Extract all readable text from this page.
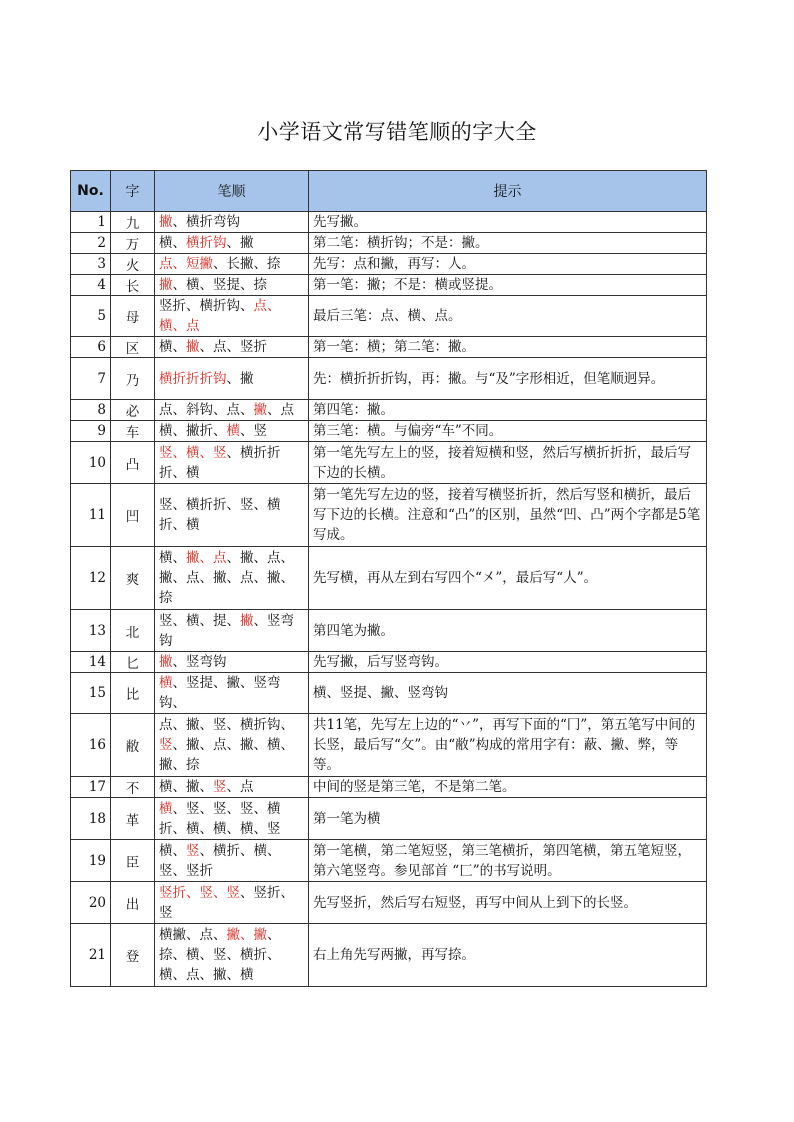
小学语文常写错笔顺的字大全
No.	字	笔顺	提示
1	九	撇、横折弯钩	先写撇。
2	万	横、横折钩、撇	第二笔：横折钩；不是：撇。
3	火	点、短撇、长撇、捺	先写：点和撇，再写：人。
4	长	撇、横、竖提、捺	第一笔：撇；不是：横或竖提。
5	母	竖折、横折钩、点、横、点	最后三笔：点、横、点。
6	区	横、撇、点、竖折	第一笔：横；第二笔：撇。
7	乃	横折折折钩、撇	先：横折折折钩，再：撇。与“及”字形相近，但笔顺迥异。
8	必	点、斜钩、点、撇、点	第四笔：撇。
9	车	横、撇折、横、竖	第三笔：横。与偏旁“车”不同。
10	凸	竖、横、竖、横折折折、横	第一笔先写左上的竖，接着短横和竖，然后写横折折折，最后写下边的长横。
11	凹	竖、横折折、竖、横折、横	第一笔先写左边的竖，接着写横竖折折，然后写竖和横折，最后写下边的长横。注意和“凸”的区别，虽然“凹、凸”两个字都是5笔写成。
12	爽	横、撇、点、撇、点、撇、点、撇、点、撇、捺	先写横，再从左到右写四个“㐅”，最后写“人”。
13	北	竖、横、提、撇、竖弯钩	第四笔为撇。
14	匕	撇、竖弯钩	先写撇，后写竖弯钩。
15	比	横、竖提、撇、竖弯钩、	横、竖提、撇、竖弯钩
16	敝	点、撇、竖、横折钩、竖、撇、点、撇、横、撇、捺	共11笔，先写左上边的“丷”，再写下面的“冂”，第五笔写中间的长竖，最后写“攵”。由“敝”构成的常用字有：蔽、撇、弊，等等。
17	不	横、撇、竖、点	中间的竖是第三笔，不是第二笔。
18	革	横、竖、竖、竖、横折、横、横、横、竖	第一笔为横
19	臣	横、竖、横折、横、竖、竖折	第一笔横，第二笔短竖，第三笔横折，第四笔横，第五笔短竖，第六笔竖弯。参见部首 “匚”的书写说明。
20	出	竖折、竖、竖、竖折、竖	先写竖折，然后写右短竖，再写中间从上到下的长竖。
21	登	横撇、点、撇、撇、捺、横、竖、横折、横、点、撇、横	右上角先写两撇，再写捺。
